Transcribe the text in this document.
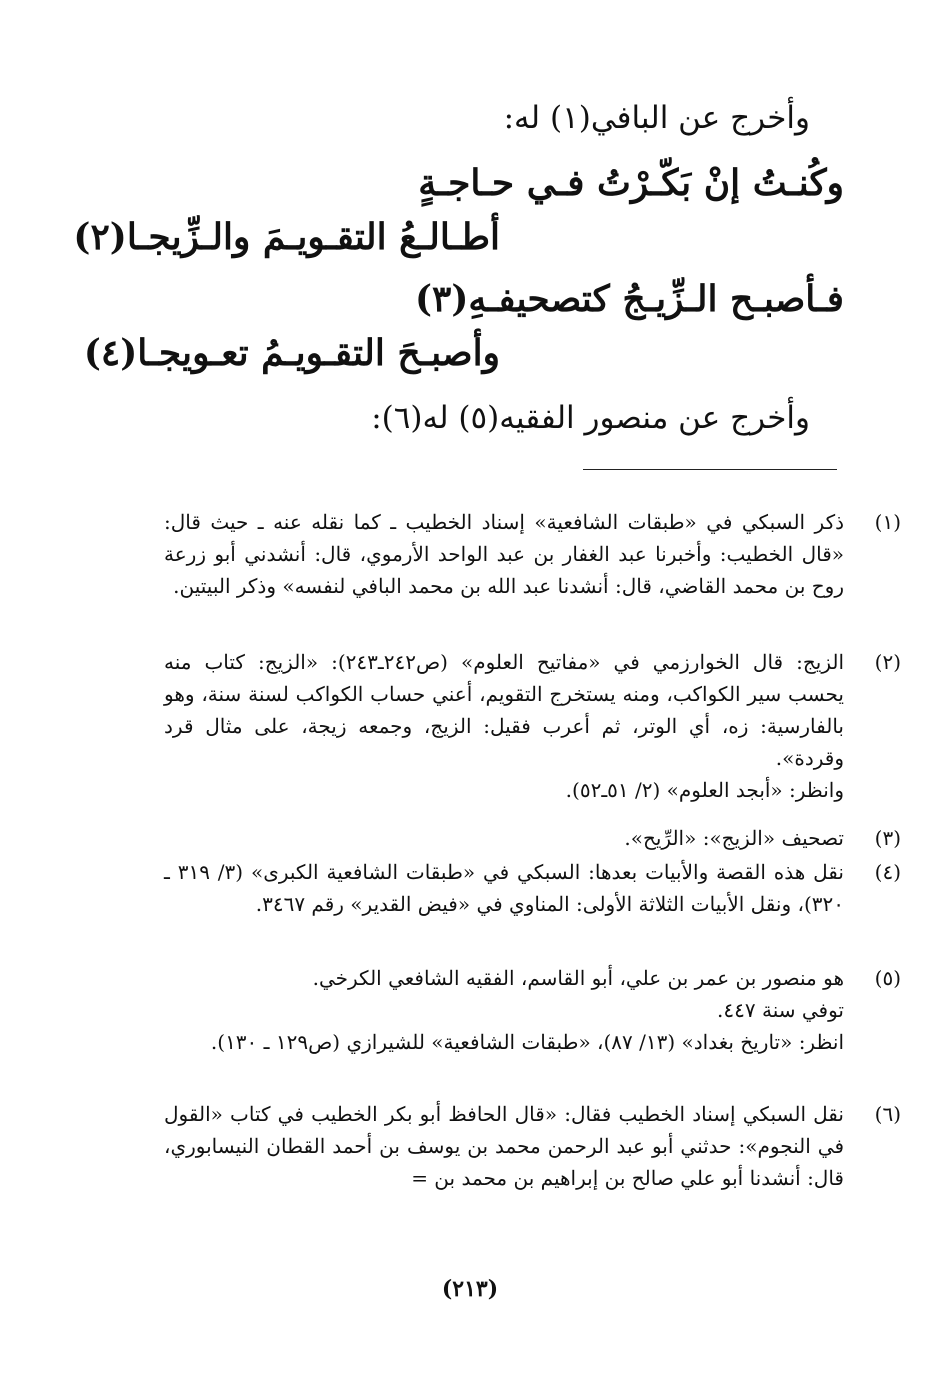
وأخرج عن البافي(١) له:
وكُنـتُ إنْ بَكّـرْتُ فـي حـاجـةٍ
أطـالـعُ التقـويـمَ والـزِّيجـا(٢)
فـأصبـح الـزِّيـجُ كتصحيفـهِ(٣)
وأصبـحَ التقـويـمُ تعـويجـا(٤)
وأخرج عن منصور الفقيه(٥) له(٦):
(١)

ذكر السبكي في «طبقات الشافعية» إسناد الخطيب ـ كما نقله عنه ـ حيث قال: «قال الخطيب: وأخبرنا عبد الغفار بن عبد الواحد الأرموي، قال: أنشدني أبو زرعة روح بن محمد القاضي، قال: أنشدنا عبد الله بن محمد البافي لنفسه» وذكر البيتين.

(٢)

الزيج: قال الخوارزمي في «مفاتيح العلوم» (ص٢٤٢ـ٢٤٣): «الزيج: كتاب منه يحسب سير الكواكب، ومنه يستخرج التقويم، أعني حساب الكواكب لسنة سنة، وهو بالفارسية: زه، أي الوتر، ثم أعرب فقيل: الزيج، وجمعه زيجة، على مثال قرد وقردة».

وانظر: «أبجد العلوم» (٢/ ٥١ـ٥٢).

(٣)

تصحيف «الزيج»: «الرِّيح».

(٤)

نقل هذه القصة والأبيات بعدها: السبكي في «طبقات الشافعية الكبرى» (٣/ ٣١٩ ـ ٣٢٠)، ونقل الأبيات الثلاثة الأولى: المناوي في «فيض القدير» رقم ٣٤٦٧.

(٥)

هو منصور بن عمر بن علي، أبو القاسم، الفقيه الشافعي الكرخي.

توفي سنة ٤٤٧.

انظر: «تاريخ بغداد» (١٣/ ٨٧)، «طبقات الشافعية» للشيرازي (ص١٢٩ ـ ١٣٠).

(٦)

نقل السبكي إسناد الخطيب فقال: «قال الحافظ أبو بكر الخطيب في كتاب «القول في النجوم»: حدثني أبو عبد الرحمن محمد بن يوسف بن أحمد القطان النيسابوري، قال: أنشدنا أبو علي صالح بن إبراهيم بن محمد بن =

(٢١٣)
